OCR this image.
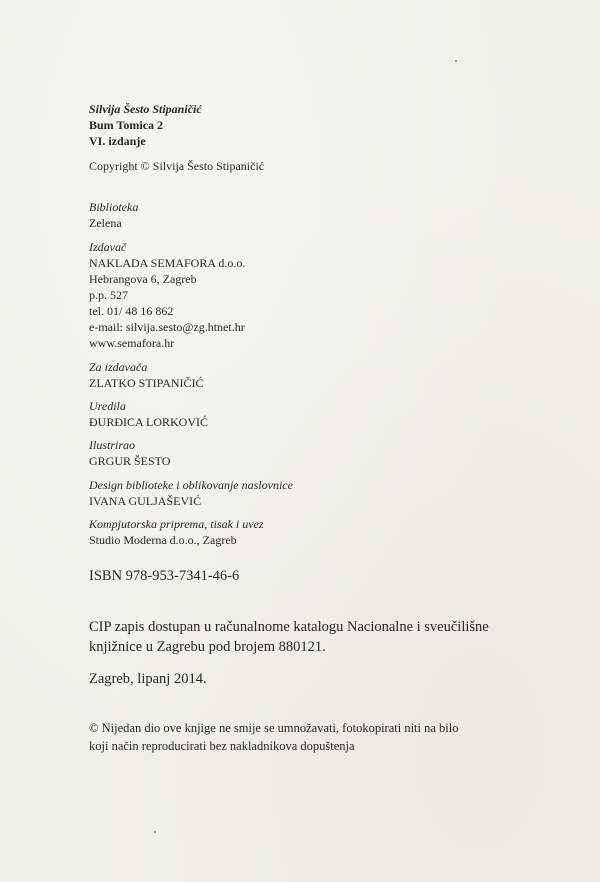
Silvija Šesto Stipaničić
Bum Tomica 2
VI. izdanje
Copyright © Silvija Šesto Stipaničić
Biblioteka
Zelena
Izdavač
NAKLADA SEMAFORA d.o.o.
Hebrangova 6, Zagreb
p.p. 527
tel. 01/ 48 16 862
e-mail: silvija.sesto@zg.htnet.hr
www.semafora.hr
Za izdavača
ZLATKO STIPANIČIĆ
Uredila
ĐURĐICA LORKOVIĆ
Ilustrirao
GRGUR ŠESTO
Design biblioteke i oblikovanje naslovnice
IVANA GULJAŠEVIĆ
Kompjutorska priprema, tisak i uvez
Studio Moderna d.o.o., Zagreb
ISBN 978-953-7341-46-6
CIP zapis dostupan u računalnome katalogu Nacionalne i sveučilišne
knjižnice u Zagrebu pod brojem 880121.
Zagreb, lipanj 2014.
© Nijedan dio ove knjige ne smije se umnožavati, fotokopirati niti na bilo
koji način reproducirati bez nakladnikova dopuštenja
